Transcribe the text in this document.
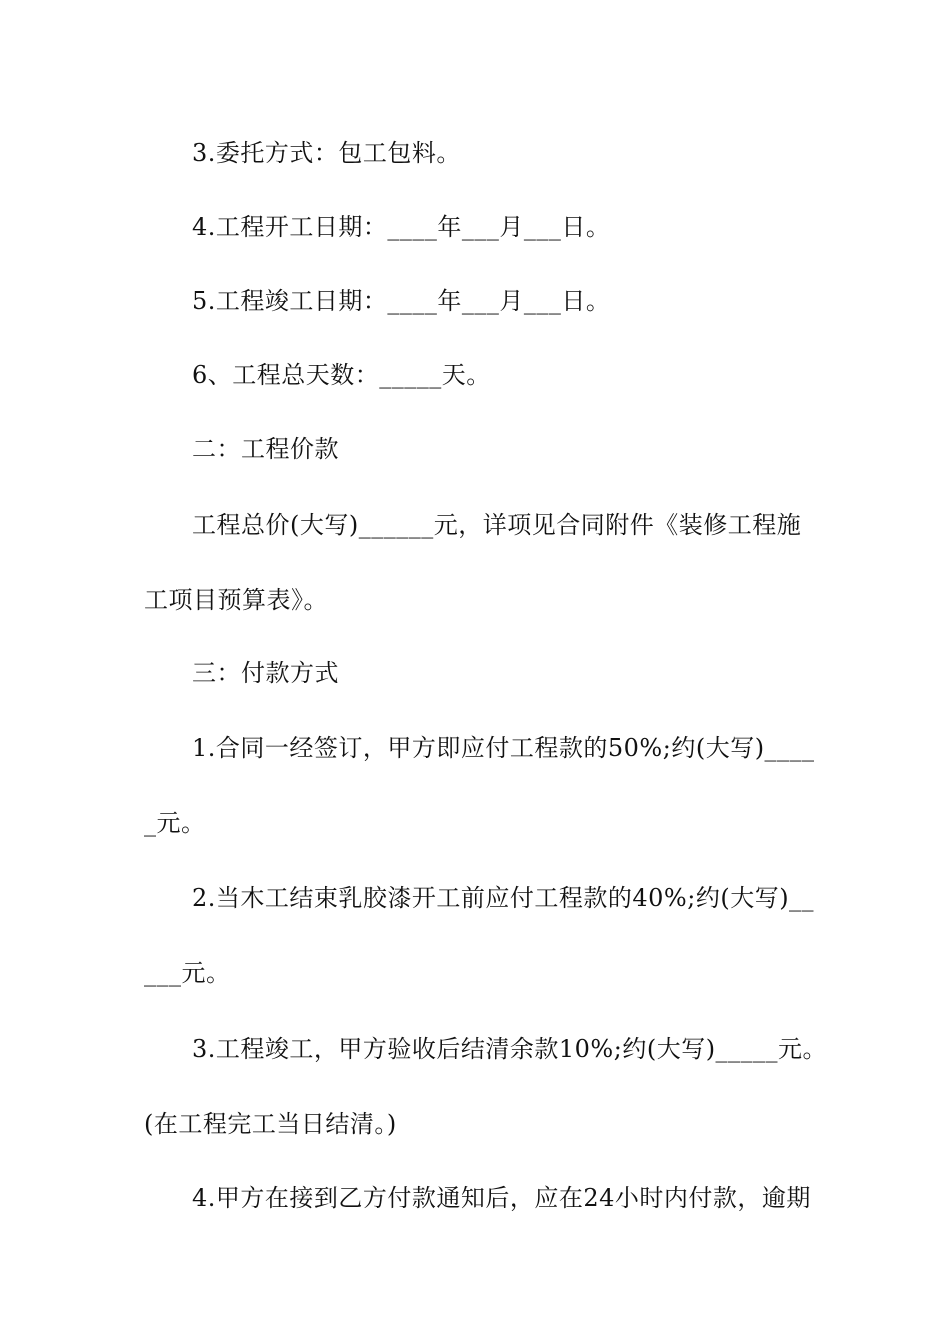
3.委托方式：包工包料。
4.工程开工日期：____年___月___日。
5.工程竣工日期：____年___月___日。
6、工程总天数：_____天。
二：工程价款
工程总价(大写)______元，详项见合同附件《装修工程施
工项目预算表》。
三：付款方式
1.合同一经签订，甲方即应付工程款的50%;约(大写)____
_元。
2.当木工结束乳胶漆开工前应付工程款的40%;约(大写)__
___元。
3.工程竣工，甲方验收后结清余款10%;约(大写)_____元。
(在工程完工当日结清。)
4.甲方在接到乙方付款通知后，应在24小时内付款，逾期
